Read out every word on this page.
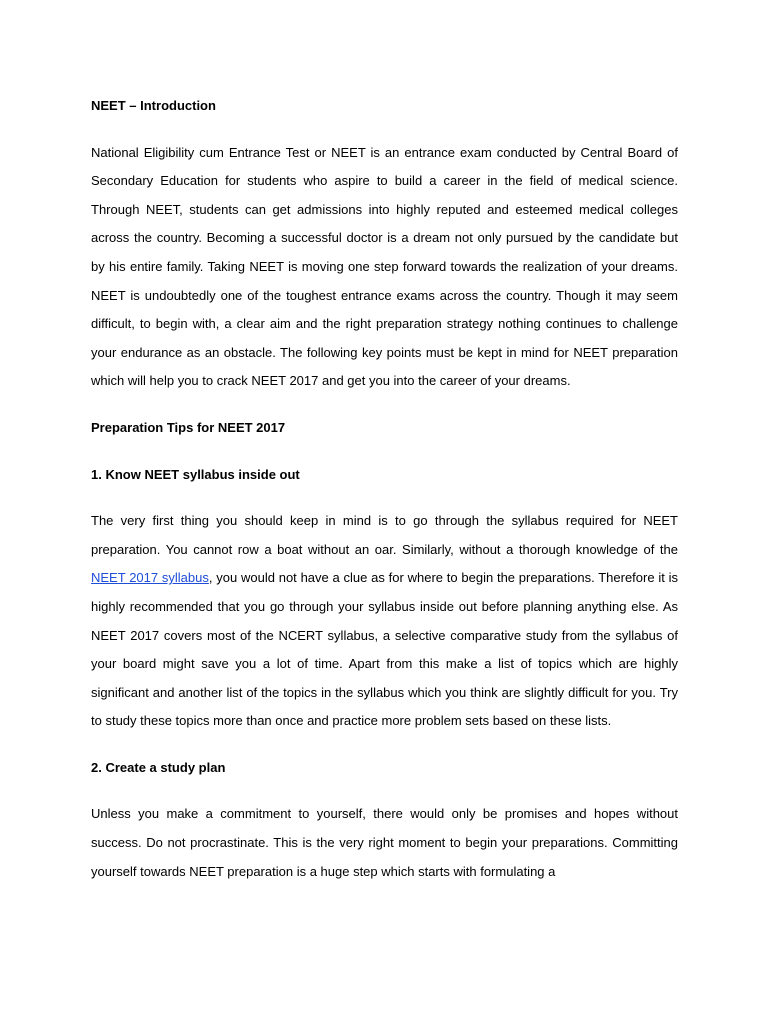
NEET – Introduction
National Eligibility cum Entrance Test or NEET is an entrance exam conducted by Central Board of Secondary Education for students who aspire to build a career in the field of medical science. Through NEET, students can get admissions into highly reputed and esteemed medical colleges across the country. Becoming a successful doctor is a dream not only pursued by the candidate but by his entire family. Taking NEET is moving one step forward towards the realization of your dreams. NEET is undoubtedly one of the toughest entrance exams across the country. Though it may seem difficult, to begin with, a clear aim and the right preparation strategy nothing continues to challenge your endurance as an obstacle. The following key points must be kept in mind for NEET preparation which will help you to crack NEET 2017 and get you into the career of your dreams.
Preparation Tips for NEET 2017
1. Know NEET syllabus inside out
The very first thing you should keep in mind is to go through the syllabus required for NEET preparation. You cannot row a boat without an oar. Similarly, without a thorough knowledge of the NEET 2017 syllabus, you would not have a clue as for where to begin the preparations. Therefore it is highly recommended that you go through your syllabus inside out before planning anything else. As NEET 2017 covers most of the NCERT syllabus, a selective comparative study from the syllabus of your board might save you a lot of time. Apart from this make a list of topics which are highly significant and another list of the topics in the syllabus which you think are slightly difficult for you. Try to study these topics more than once and practice more problem sets based on these lists.
2. Create a study plan
Unless you make a commitment to yourself, there would only be promises and hopes without success. Do not procrastinate. This is the very right moment to begin your preparations. Committing yourself towards NEET preparation is a huge step which starts with formulating a
